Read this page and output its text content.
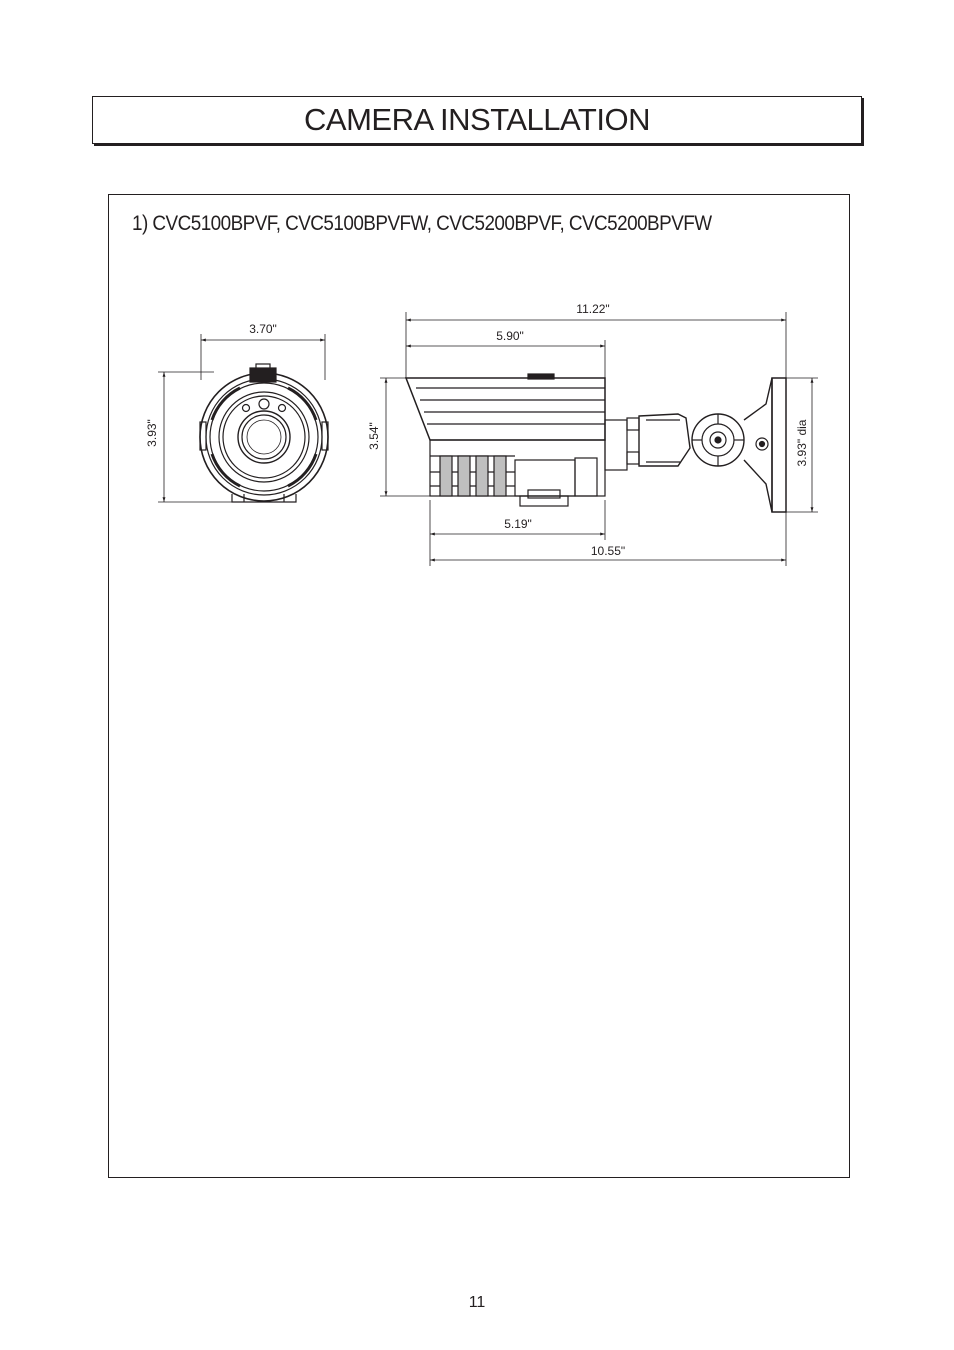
CAMERA INSTALLATION
1) CVC5100BPVF, CVC5100BPVFW, CVC5200BPVF, CVC5200BPVFW
3.70"
3.93"
11.22"
5.90"
3.54"	3.93" dia
5.19"
10.55"
11
